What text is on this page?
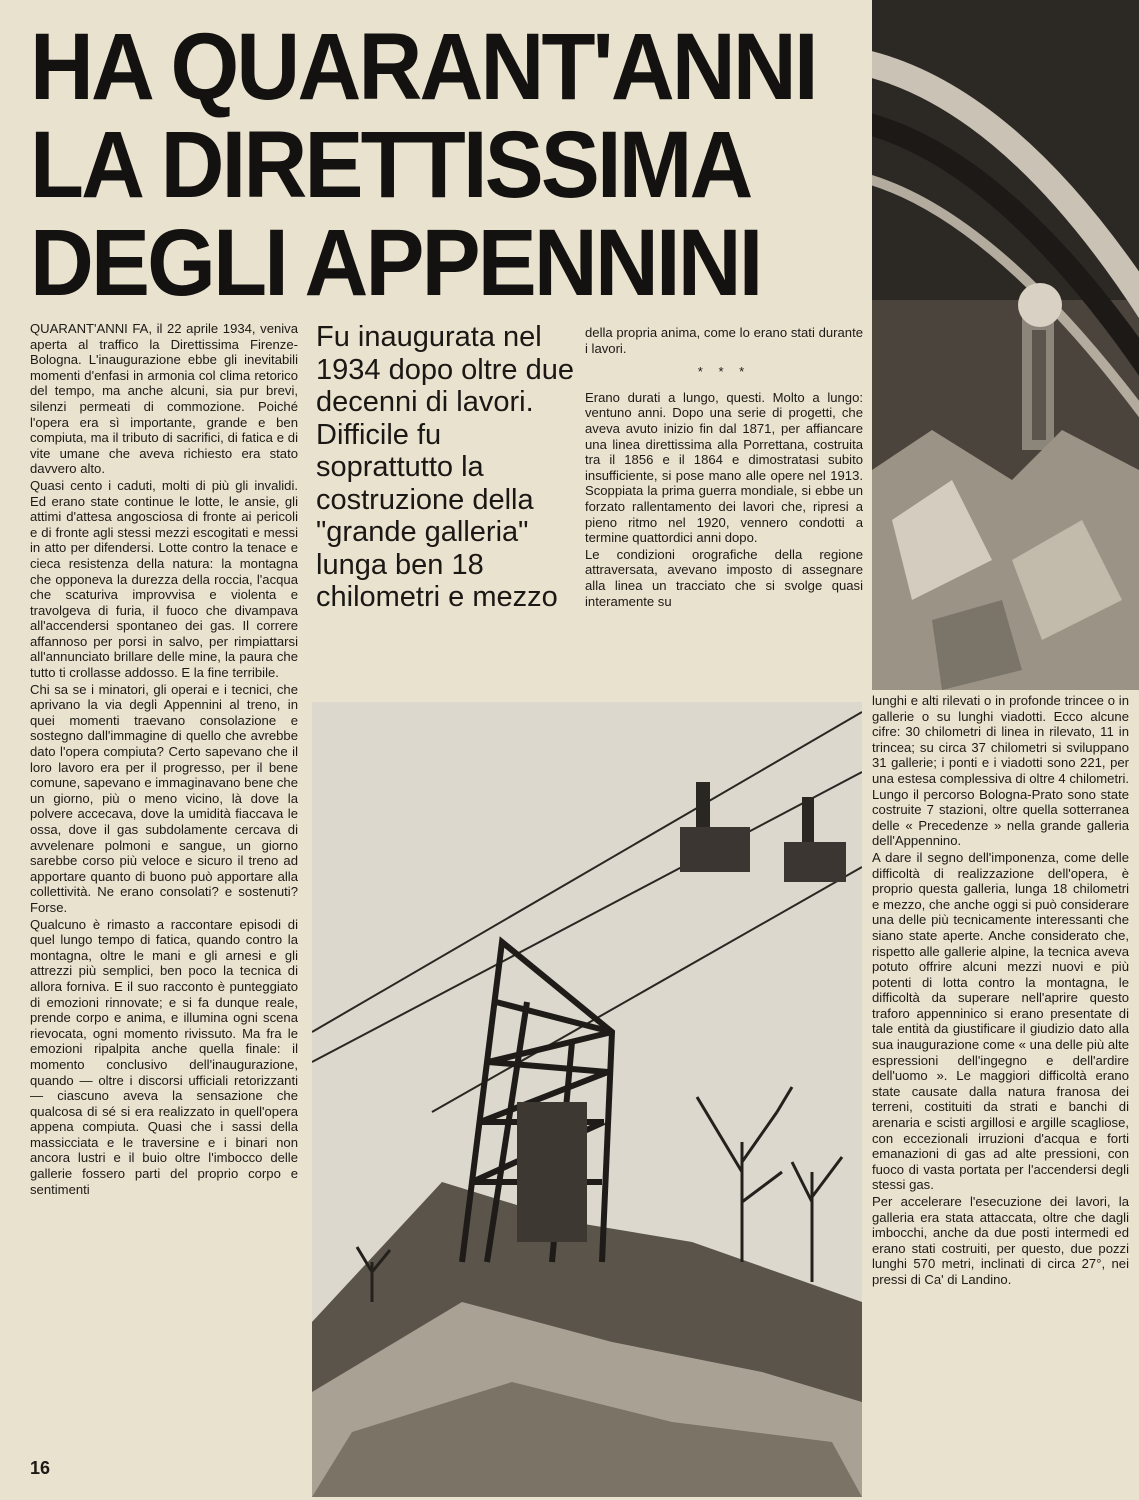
HA QUARANT'ANNI
LA DIRETTISSIMA
DEGLI APPENNINI

QUARANT'ANNI FA, il 22 aprile 1934, veniva aperta al traffico la Direttissima Firenze-Bologna. L'inaugurazione ebbe gli inevitabili momenti d'enfasi in armonia col clima retorico del tempo, ma anche alcuni, sia pur brevi, silenzi permeati di commozione. Poiché l'opera era sì importante, grande e ben compiuta, ma il tributo di sacrifici, di fatica e di vite umane che aveva richiesto era stato davvero alto.

Quasi cento i caduti, molti di più gli invalidi. Ed erano state continue le lotte, le ansie, gli attimi d'attesa angosciosa di fronte ai pericoli e di fronte agli stessi mezzi escogitati e messi in atto per difendersi. Lotte contro la tenace e cieca resistenza della natura: la montagna che opponeva la durezza della roccia, l'acqua che scaturiva improvvisa e violenta e travolgeva di furia, il fuoco che divampava all'accendersi spontaneo dei gas. Il correre affannoso per porsi in salvo, per rimpiattarsi all'annunciato brillare delle mine, la paura che tutto ti crollasse addosso. E la fine terribile.

Chi sa se i minatori, gli operai e i tecnici, che aprivano la via degli Appennini al treno, in quei momenti traevano consolazione e sostegno dall'immagine di quello che avrebbe dato l'opera compiuta? Certo sapevano che il loro lavoro era per il progresso, per il bene comune, sapevano e immaginavano bene che un giorno, più o meno vicino, là dove la polvere accecava, dove la umidità fiaccava le ossa, dove il gas subdolamente cercava di avvelenare polmoni e sangue, un giorno sarebbe corso più veloce e sicuro il treno ad apportare quanto di buono può apportare alla collettività. Ne erano consolati? e sostenuti? Forse.

Qualcuno è rimasto a raccontare episodi di quel lungo tempo di fatica, quando contro la montagna, oltre le mani e gli arnesi e gli attrezzi più semplici, ben poco la tecnica di allora forniva. E il suo racconto è punteggiato di emozioni rinnovate; e si fa dunque reale, prende corpo e anima, e illumina ogni scena rievocata, ogni momento rivissuto. Ma fra le emozioni ripalpita anche quella finale: il momento conclusivo dell'inaugurazione, quando — oltre i discorsi ufficiali retorizzanti — ciascuno aveva la sensazione che qualcosa di sé si era realizzato in quell'opera appena compiuta. Quasi che i sassi della massicciata e le traversine e i binari non ancora lustri e il buio oltre l'imbocco delle gallerie fossero parti del proprio corpo e sentimenti

Fu inaugurata nel 1934 dopo oltre due decenni di lavori. Difficile fu soprattutto la costruzione della "grande galleria" lunga ben 18 chilometri e mezzo

della propria anima, come lo erano stati durante i lavori.

* * *

Erano durati a lungo, questi. Molto a lungo: ventuno anni. Dopo una serie di progetti, che aveva avuto inizio fin dal 1871, per affiancare una linea direttissima alla Porrettana, costruita tra il 1856 e il 1864 e dimostratasi subito insufficiente, si pose mano alle opere nel 1913. Scoppiata la prima guerra mondiale, si ebbe un forzato rallentamento dei lavori che, ripresi a pieno ritmo nel 1920, vennero condotti a termine quattordici anni dopo.

Le condizioni orografiche della regione attraversata, avevano imposto di assegnare alla linea un tracciato che si svolge quasi interamente su

lunghi e alti rilevati o in profonde trincee o in gallerie o su lunghi viadotti. Ecco alcune cifre: 30 chilometri di linea in rilevato, 11 in trincea; su circa 37 chilometri si sviluppano 31 gallerie; i ponti e i viadotti sono 221, per una estesa complessiva di oltre 4 chilometri. Lungo il percorso Bologna-Prato sono state costruite 7 stazioni, oltre quella sotterranea delle « Precedenze » nella grande galleria dell'Appennino.

A dare il segno dell'imponenza, come delle difficoltà di realizzazione dell'opera, è proprio questa galleria, lunga 18 chilometri e mezzo, che anche oggi si può considerare una delle più tecnicamente interessanti che siano state aperte. Anche considerato che, rispetto alle gallerie alpine, la tecnica aveva potuto offrire alcuni mezzi nuovi e più potenti di lotta contro la montagna, le difficoltà da superare nell'aprire questo traforo appenninico si erano presentate di tale entità da giustificare il giudizio dato alla sua inaugurazione come « una delle più alte espressioni dell'ingegno e dell'ardire dell'uomo ». Le maggiori difficoltà erano state causate dalla natura franosa dei terreni, costituiti da strati e banchi di arenaria e scisti argillosi e argille scagliose, con eccezionali irruzioni d'acqua e forti emanazioni di gas ad alte pressioni, con fuoco di vasta portata per l'accendersi degli stessi gas.

Per accelerare l'esecuzione dei lavori, la galleria era stata attaccata, oltre che dagli imbocchi, anche da due posti intermedi ed erano stati costruiti, per questo, due pozzi lunghi 570 metri, inclinati di circa 27°, nei pressi di Ca' di Landino.

16
